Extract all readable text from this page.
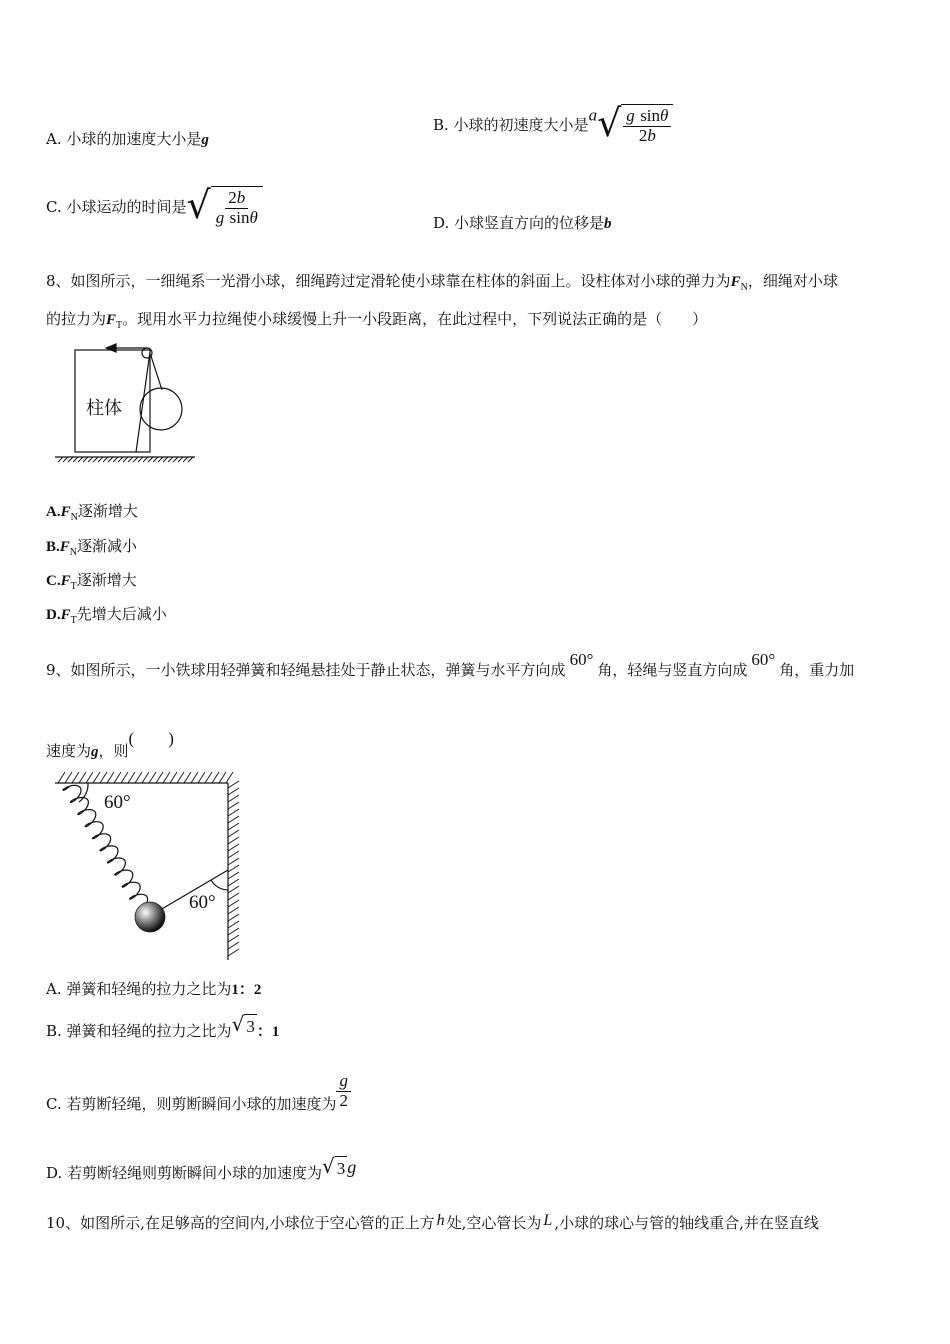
A. 小球的加速度大小是g
B. 小球的初速度大小是a √ $\frac{\text{g sinθ}}{2b}$
C. 小球运动的时间是 √ $\frac{2b}{\text{g sinθ}}$	D. 小球竖直方向的位移是b
8、如图所示，一细绳系一光滑小球，细绳跨过定滑轮使小球靠在柱体的斜面上。设柱体对小球的弹力为$F_N$，细绳对小球
的拉力为$F_T$。现用水平力拉绳使小球缓慢上升一小段距离，在此过程中，下列说法正确的是（　　）
柱体
$A.F_N$逐渐增大
$B.F_N$逐渐减小
$C.F_T$逐渐增大
$D.F_T$先增大后减小
9、如图所示，一小铁球用轻弹簧和轻绳悬挂处于静止状态，弹簧与水平方向成60°角，轻绳与竖直方向成60°角，重力加
速度为g，则(　　)
60°
60°
A. 弹簧和轻绳的拉力之比为1：2
B. 弹簧和轻绳的拉力之比为 √ 3 ：1
C. 若剪断轻绳，则剪断瞬间小球的加速度为 $\frac{g}{2}$
D. 若剪断轻绳则剪断瞬间小球的加速度为 √ 3 g
10、如图所示,在足够高的空间内,小球位于空心管的正上方 h 处,空心管长为 L ,小球的球心与管的轴线重合,并在竖直线
